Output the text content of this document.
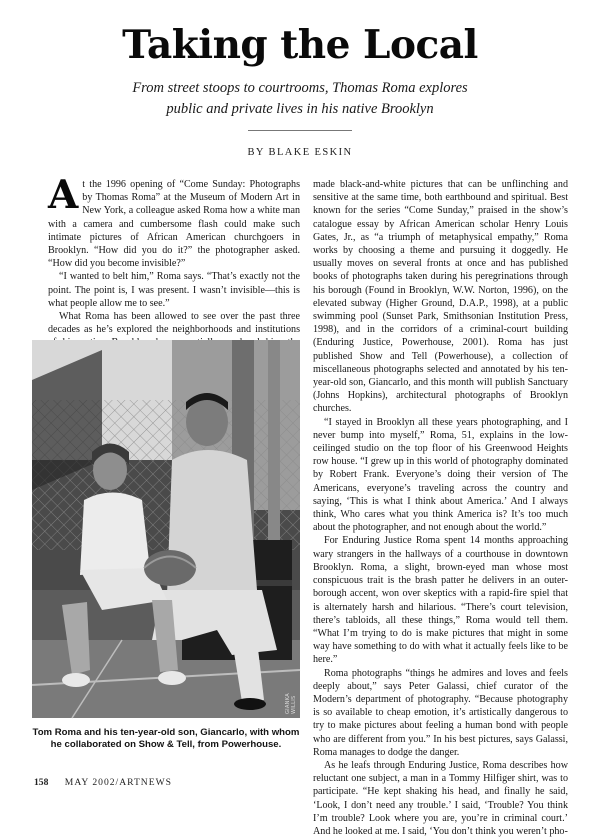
Taking the Local
From street stoops to courtrooms, Thomas Roma explores
public and private lives in his native Brooklyn
BY BLAKE ESKIN

At the 1996 opening of “Come Sunday: Photographs by Thomas Roma” at the Museum of Modern Art in New York, a colleague asked Roma how a white man with a camera and cumbersome flash could make such intimate pictures of African American churchgoers in Brooklyn. “How did you do it?” the photographer asked. “How did you become invisible?”

“I wanted to belt him,” Roma says. “That’s exactly not the point. The point is, I was present. I wasn’t invisible—this is what people allow me to see.”

What Roma has been allowed to see over the past three decades as he’s explored the neighborhoods and institutions

made black-and-white pictures that can be unflinching and sensitive at the same time, both earthbound and spiritual. Best known for the series “Come Sunday,” praised in the show’s catalogue essay by African American scholar Henry Louis Gates, Jr., as “a triumph of metaphysical empathy,” Roma works by choosing a theme and pursuing it doggedly. He usually moves on several fronts at once and has published books of photographs taken during his peregrinations through his borough (Found in Brooklyn, W.W. Norton, 1996), on the elevated subway (Higher Ground, D.A.P., 1998), at a public swimming pool (Sunset Park, Smithsonian Institution Press, 1998), and in the corridors of a criminal-court building (Enduring Justice, Powerhouse, 2001). Roma has just published Show and Tell (Powerhouse), a collection of miscellaneous photographs selected and annotated by his ten-year-old son, Giancarlo, and this month will publish Sanctuary (Johns Hopkins), architectural photographs of Brooklyn churches.

“I stayed in Brooklyn all these years photographing, and I never bump into myself,” Roma, 51, explains in the low-ceilinged studio on the top floor of his Greenwood Heights row house. “I grew up in this world of photography dominated by Robert Frank. Everyone’s doing their version of The Americans, everyone’s traveling across the country and saying, ‘This is what I think about America.’ And I always think, Who cares what you think America is? It’s too much about the photographer, and not enough about the world.”

For Enduring Justice Roma spent 14 months approaching wary strangers in the hallways of a courthouse in downtown Brooklyn. Roma, a slight, brown-eyed man whose most conspicuous trait is the brash patter he delivers in an outer-borough accent, won over skeptics with a rapid-fire spiel that is alternately harsh and hilarious. “There’s court television, there’s tabloids, all these things,” Roma would tell them. “What I’m trying to do is make pictures that might in some way have something to do with what it actually feels like to be here.”

Roma photographs “things he admires and loves and feels deeply about,” says Peter Galassi, chief curator of the Modern’s department of photography. “Because photography is so available to cheap emotion, it’s artistically dangerous to try to make pictures about feeling a human bond with people who are different from you.” In his best pictures, says Galassi, Roma manages to dodge the danger.

As he leafs through Enduring Justice, Roma describes how reluctant one subject, a man in a Tommy Hilfiger shirt, was to participate. “He kept shaking his head, and finally he said, ‘Look, I don’t need any trouble.’ I said, ‘Trouble? You think I’m trouble? Look where you are, you’re in criminal court.’ And he looked at me. I said, ‘You don’t think you weren’t pho-

GIANKA WILLIS
Tom Roma and his ten-year-old son, Giancarlo, with whom he collaborated on Show & Tell, from Powerhouse.
158 MAY 2002/ARTNEWS
